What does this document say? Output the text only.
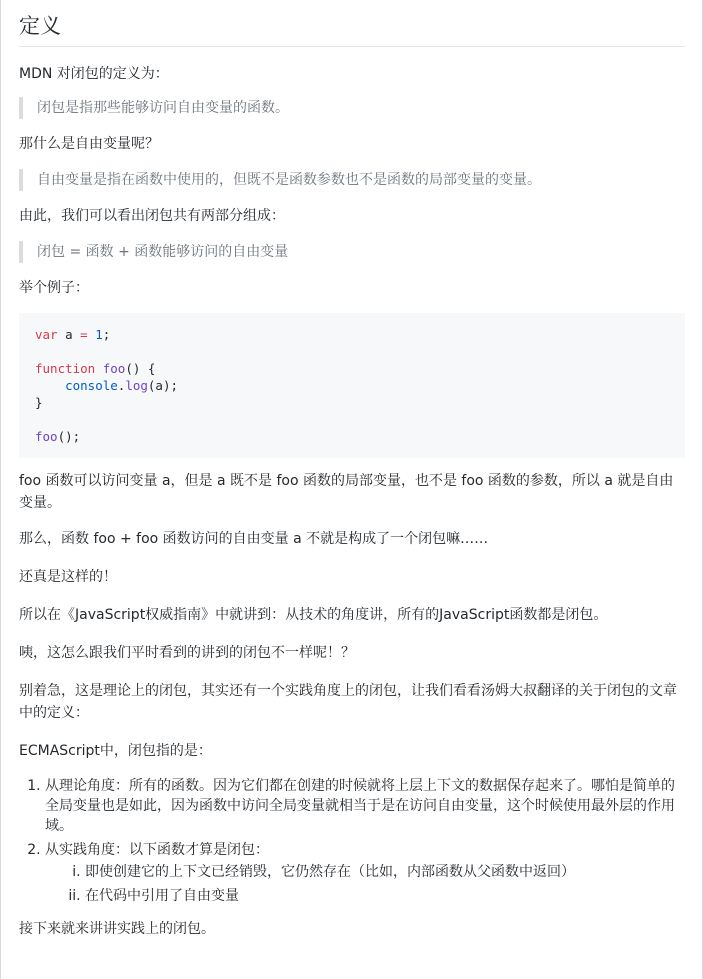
定义

MDN 对闭包的定义为：

闭包是指那些能够访问自由变量的函数。

那什么是自由变量呢？

自由变量是指在函数中使用的，但既不是函数参数也不是函数的局部变量的变量。

由此，我们可以看出闭包共有两部分组成：

闭包 = 函数 + 函数能够访问的自由变量

举个例子：

var a = 1;

function foo() {
console.log(a);
}

foo();

foo 函数可以访问变量 a，但是 a 既不是 foo 函数的局部变量，也不是 foo 函数的参数，所以 a 就是自由变量。

那么，函数 foo + foo 函数访问的自由变量 a 不就是构成了一个闭包嘛……

还真是这样的！

所以在《JavaScript权威指南》中就讲到：从技术的角度讲，所有的JavaScript函数都是闭包。

咦，这怎么跟我们平时看到的讲到的闭包不一样呢！？

别着急，这是理论上的闭包，其实还有一个实践角度上的闭包，让我们看看汤姆大叔翻译的关于闭包的文章中的定义：

ECMAScript中，闭包指的是：

1. 从理论角度：所有的函数。因为它们都在创建的时候就将上层上下文的数据保存起来了。哪怕是简单的全局变量也是如此，因为函数中访问全局变量就相当于是在访问自由变量，这个时候使用最外层的作用域。
2. 从实践角度：以下函数才算是闭包：
i. 即使创建它的上下文已经销毁，它仍然存在（比如，内部函数从父函数中返回）
ii. 在代码中引用了自由变量

接下来就来讲讲实践上的闭包。
